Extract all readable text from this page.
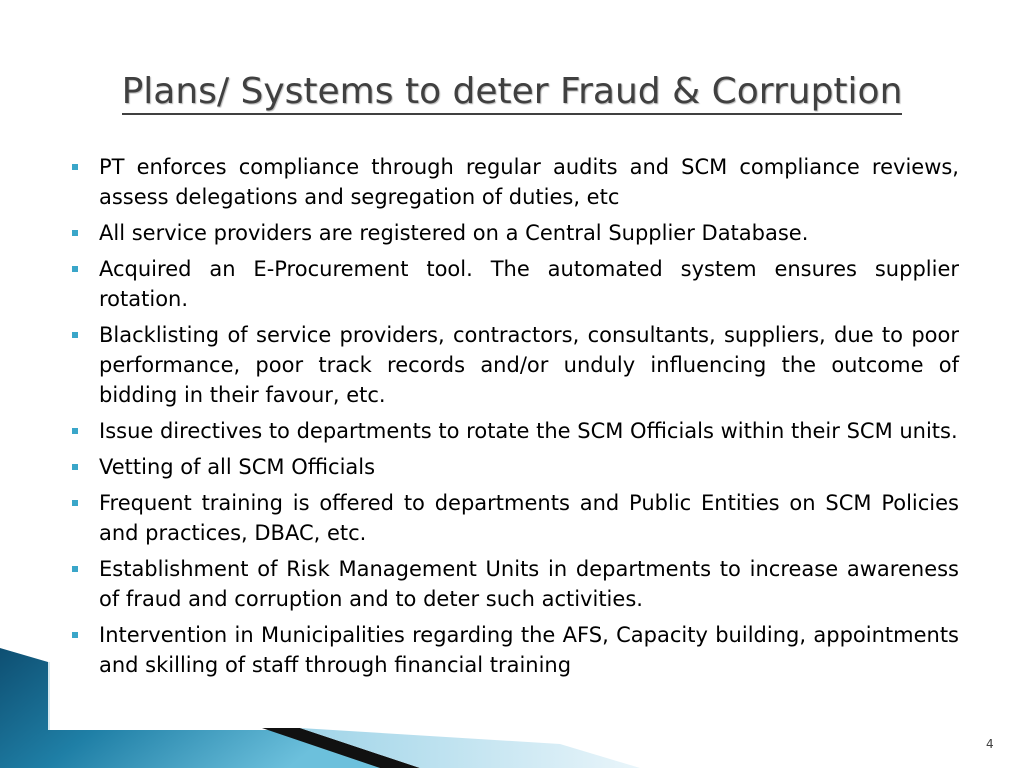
Plans/ Systems to deter Fraud & Corruption
PT enforces compliance through regular audits and SCM compliance reviews, assess delegations and segregation of duties, etc
All service providers are registered on a Central Supplier Database.
Acquired an E-Procurement tool. The automated system ensures supplier rotation.
Blacklisting of service providers, contractors, consultants, suppliers, due to poor performance, poor track records and/or unduly influencing the outcome of bidding in their favour, etc.
Issue directives to departments to rotate the SCM Officials within their SCM units.
Vetting of all SCM Officials
Frequent training is offered to departments and Public Entities on SCM Policies and practices, DBAC, etc.
Establishment of Risk Management Units in departments to increase awareness of fraud and corruption and to deter such activities.
Intervention in Municipalities regarding the AFS, Capacity building, appointments and skilling of staff through financial training
4
